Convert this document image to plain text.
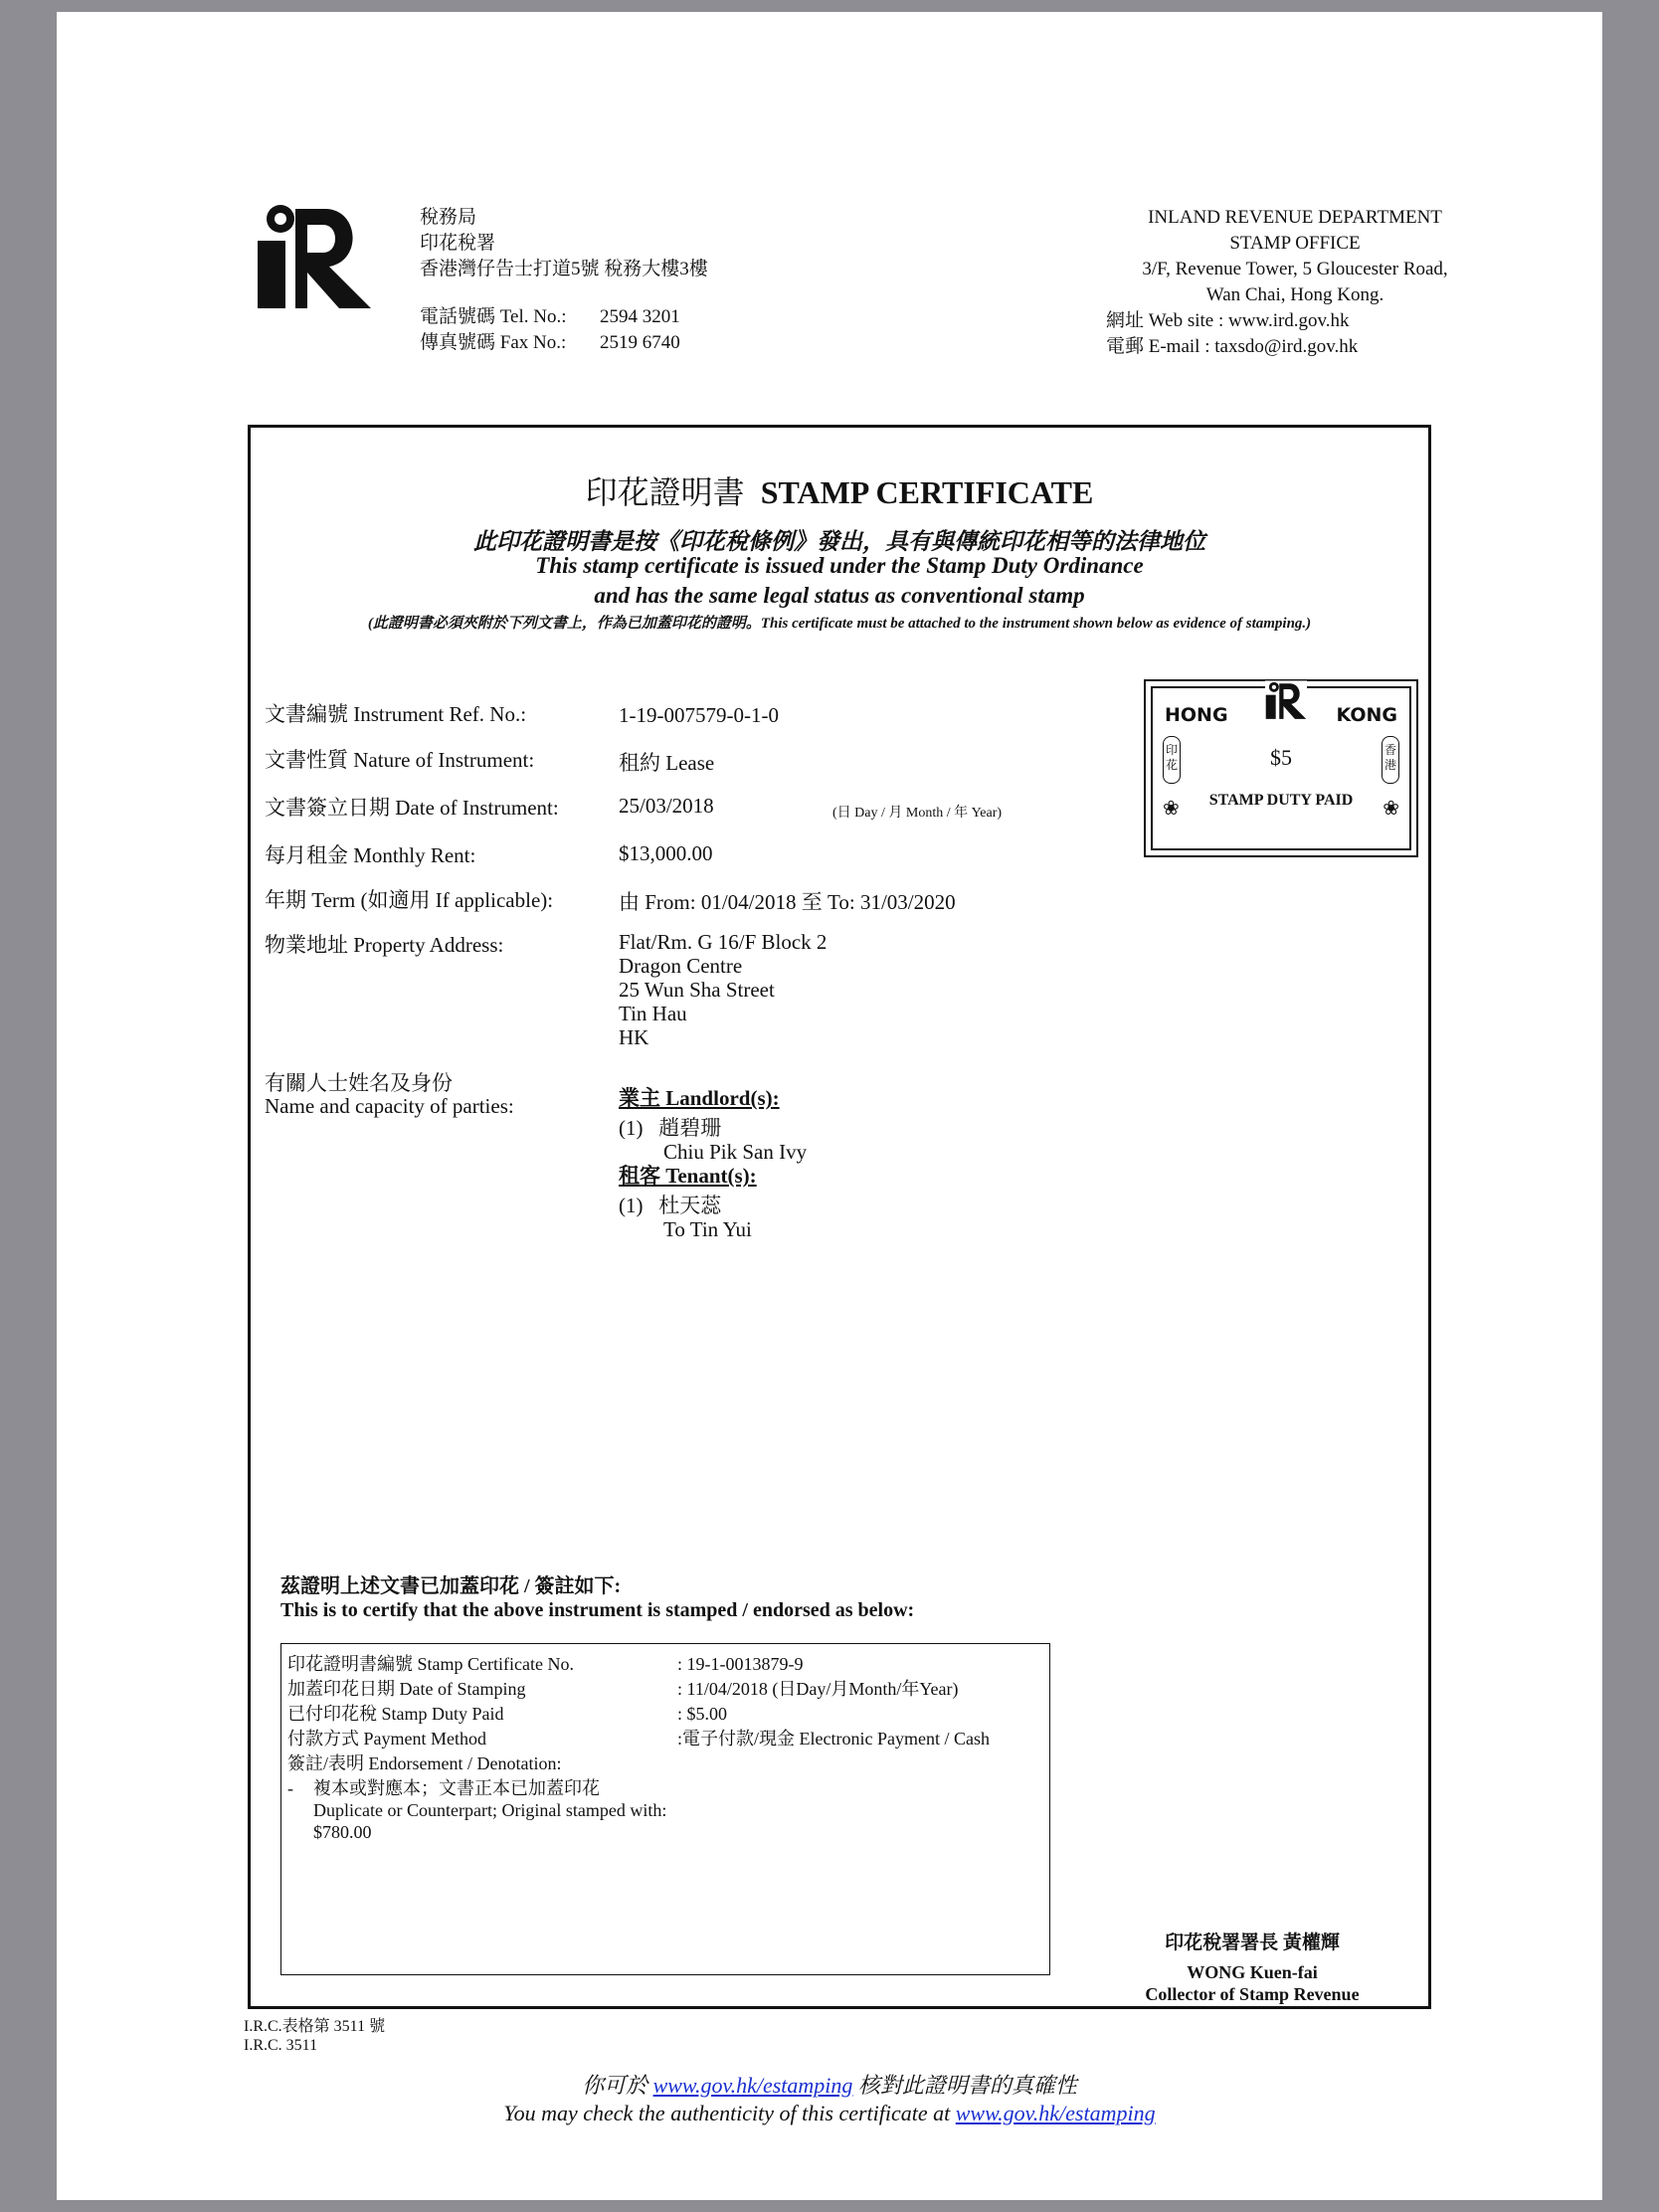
稅務局
印花稅署
香港灣仔告士打道5號 稅務大樓3樓
電話號碼 Tel. No.: 2594 3201
傳真號碼 Fax No.: 2519 6740
INLAND REVENUE DEPARTMENT
STAMP OFFICE
3/F, Revenue Tower, 5 Gloucester Road,
Wan Chai, Hong Kong.
網址 Web site : www.ird.gov.hk
電郵 E-mail : taxsdo@ird.gov.hk
印花證明書 STAMP CERTIFICATE
此印花證明書是按《印花稅條例》發出，具有與傳統印花相等的法律地位
This stamp certificate is issued under the Stamp Duty Ordinance
and has the same legal status as conventional stamp
(此證明書必須夾附於下列文書上，作為已加蓋印花的證明。This certificate must be attached to the instrument shown below as evidence of stamping.)
文書編號 Instrument Ref. No.:	1-19-007579-0-1-0
文書性質 Nature of Instrument:	租約 Lease
文書簽立日期 Date of Instrument:	25/03/2018	(日 Day / 月 Month / 年 Year)
每月租金 Monthly Rent:	$13,000.00
年期 Term (如適用 If applicable):	由 From: 01/04/2018 至 To: 31/03/2020
物業地址 Property Address:	Flat/Rm. G 16/F Block 2
Dragon Centre
25 Wun Sha Street
Tin Hau
HK
有關人士姓名及身份
Name and capacity of parties:	業主 Landlord(s):
(1) 趙碧珊
Chiu Pik San Ivy
租客 Tenant(s):
(1) 杜天蕊
To Tin Yui
HONG	KONG
印花
香港
❀	❀
$5
STAMP DUTY PAID
茲證明上述文書已加蓋印花 / 簽註如下:
This is to certify that the above instrument is stamped / endorsed as below:
印花證明書編號 Stamp Certificate No.	: 19-1-0013879-9
加蓋印花日期 Date of Stamping	: 11/04/2018 (日Day/月Month/年Year)
已付印花稅 Stamp Duty Paid	: $5.00
付款方式 Payment Method	:電子付款/現金 Electronic Payment / Cash
簽註/表明 Endorsement / Denotation:
- 複本或對應本；文書正本已加蓋印花
Duplicate or Counterpart; Original stamped with:
$780.00
印花稅署署長 黃權輝
WONG Kuen-fai
Collector of Stamp Revenue
I.R.C.表格第 3511 號
I.R.C. 3511
你可於 www.gov.hk/estamping 核對此證明書的真確性
You may check the authenticity of this certificate at www.gov.hk/estamping
